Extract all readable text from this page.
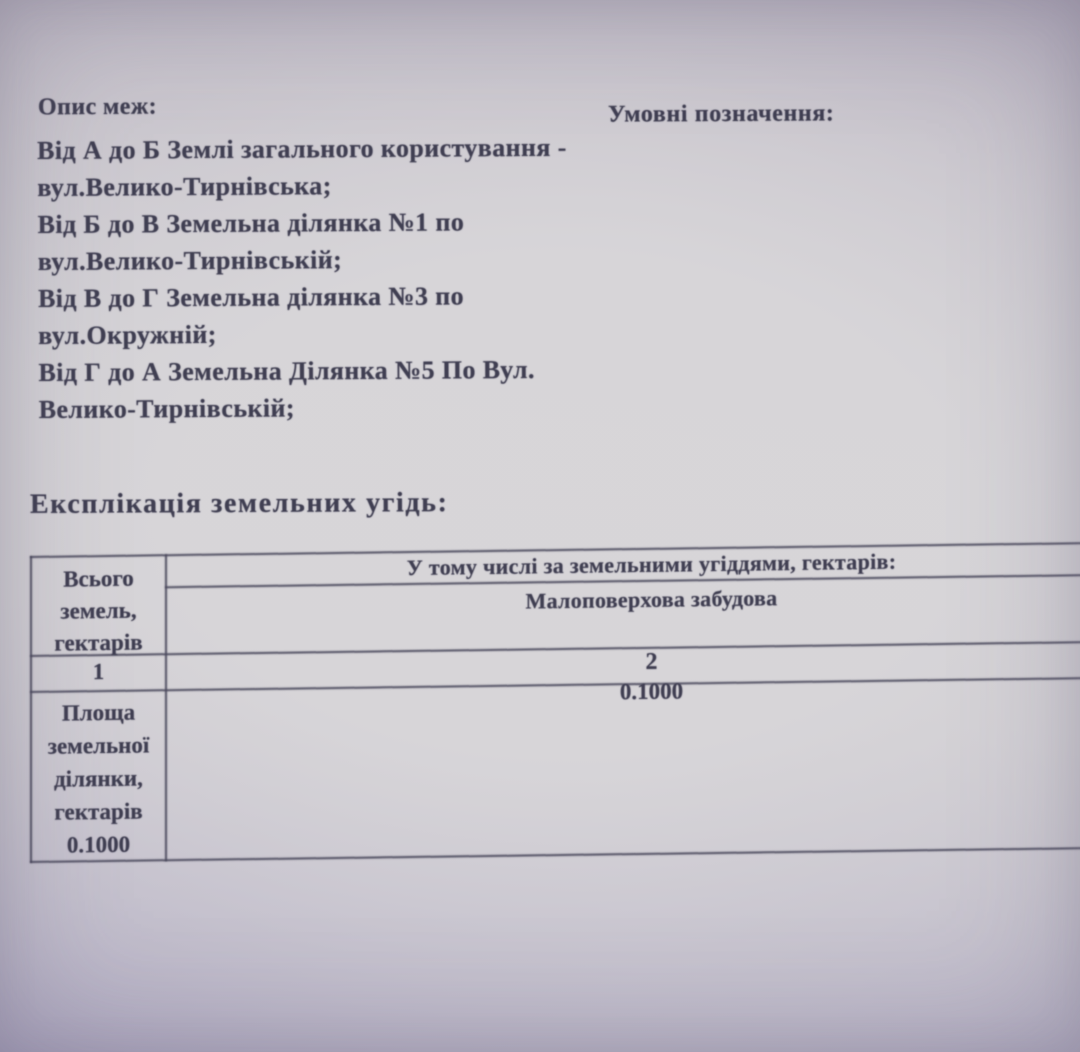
Опис меж:	Умовні позначення:
Від А до Б Землі загального користування -
вул.Велико-Тирнівська;
Від Б до В Земельна ділянка №1 по
вул.Велико-Тирнівській;
Від В до Г Земельна ділянка №3 по
вул.Окружній;
Від Г до А Земельна Ділянка №5 По Вул.
Велико-Тирнівській;
Експлікація земельних угідь:
Всього
земель,
гектарів
У тому числі за земельними угіддями, гектарів:
Малоповерхова забудова
1	2
Площа
земельної
ділянки,
гектарів
0.1000
0.1000
